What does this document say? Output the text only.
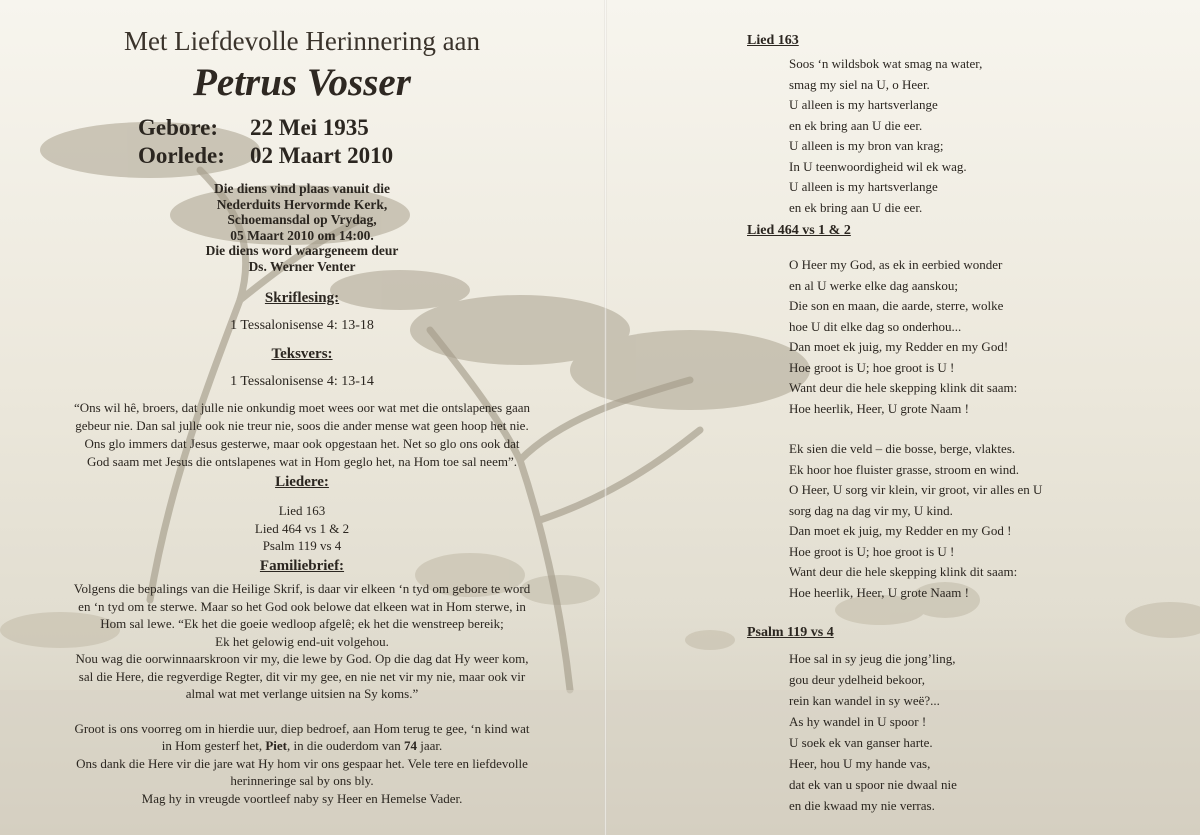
Met Liefdevolle Herinnering aan
Petrus Vosser
Gebore: 22 Mei 1935
Oorlede: 02 Maart 2010
Die diens vind plaas vanuit die
Nederduits Hervormde Kerk,
Schoemansdal op Vrydag,
05 Maart 2010 om 14:00.
Die diens word waargeneem deur
Ds. Werner Venter
Skriflesing:
1 Tessalonisense 4: 13-18
Teksvers:
1 Tessalonisense 4: 13-14
“Ons wil hê, broers, dat julle nie onkundig moet wees oor wat met die ontslapenes gaan
gebeur nie. Dan sal julle ook nie treur nie, soos die ander mense wat geen hoop het nie.
Ons glo immers dat Jesus gesterwe, maar ook opgestaan het. Net so glo ons ook dat
God saam met Jesus die ontslapenes wat in Hom geglo het, na Hom toe sal neem”.
Liedere:
Lied 163
Lied 464 vs 1 & 2
Psalm 119 vs 4
Familiebrief:
Volgens die bepalings van die Heilige Skrif, is daar vir elkeen ‘n tyd om gebore te word
en ‘n tyd om te sterwe. Maar so het God ook belowe dat elkeen wat in Hom sterwe, in
Hom sal lewe. “Ek het die goeie wedloop afgelê; ek het die wenstreep bereik;
Ek het gelowig end-uit volgehou.
Nou wag die oorwinnaarskroon vir my, die lewe by God. Op die dag dat Hy weer kom,
sal die Here, die regverdige Regter, dit vir my gee, en nie net vir my nie, maar ook vir
almal wat met verlange uitsien na Sy koms.”
Groot is ons voorreg om in hierdie uur, diep bedroef, aan Hom terug te gee, ‘n kind wat
in Hom gesterf het, Piet, in die ouderdom van 74 jaar.
Ons dank die Here vir die jare wat Hy hom vir ons gespaar het. Vele tere en liefdevolle
herinneringe sal by ons bly.
Mag hy in vreugde voortleef naby sy Heer en Hemelse Vader.
Lied 163
Soos ‘n wildsbok wat smag na water,
smag my siel na U, o Heer.
U alleen is my hartsverlange
en ek bring aan U die eer.
U alleen is my bron van krag;
In U teenwoordigheid wil ek wag.
U alleen is my hartsverlange
en ek bring aan U die eer.
Lied 464 vs 1 & 2
O Heer my God, as ek in eerbied wonder
en al U werke elke dag aanskou;
Die son en maan, die aarde, sterre, wolke
hoe U dit elke dag so onderhou...
Dan moet ek juig, my Redder en my God!
Hoe groot is U; hoe groot is U !
Want deur die hele skepping klink dit saam:
Hoe heerlik, Heer, U grote Naam !
Ek sien die veld – die bosse, berge, vlaktes.
Ek hoor hoe fluister grasse, stroom en wind.
O Heer, U sorg vir klein, vir groot, vir alles en U
sorg dag na dag vir my, U kind.
Dan moet ek juig, my Redder en my God !
Hoe groot is U; hoe groot is U !
Want deur die hele skepping klink dit saam:
Hoe heerlik, Heer, U grote Naam !
Psalm 119 vs 4
Hoe sal in sy jeug die jong’ling,
gou deur ydelheid bekoor,
rein kan wandel in sy weë?...
As hy wandel in U spoor !
U soek ek van ganser harte.
Heer, hou U my hande vas,
dat ek van u spoor nie dwaal nie
en die kwaad my nie verras.
